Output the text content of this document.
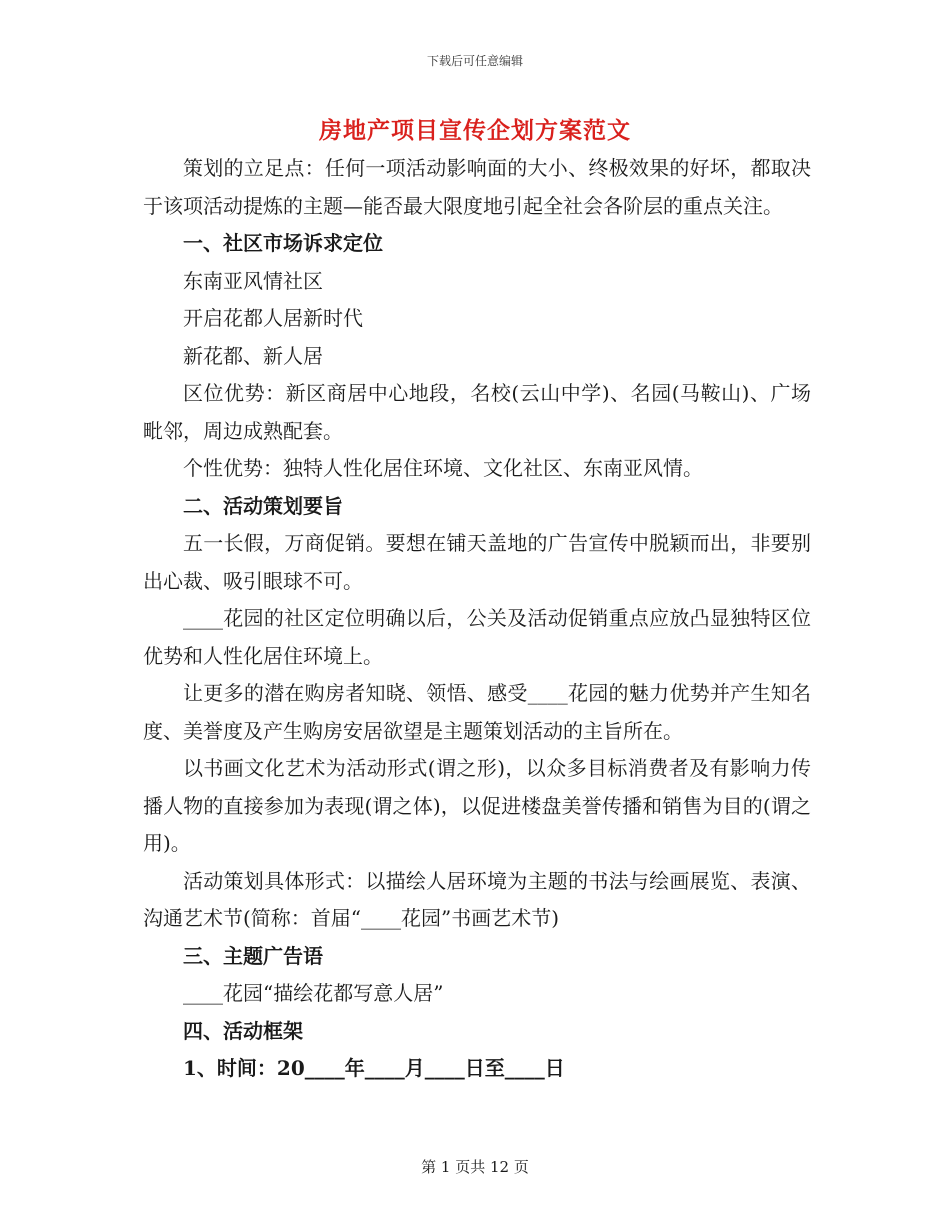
下载后可任意编辑
房地产项目宣传企划方案范文

策划的立足点：任何一项活动影响面的大小、终极效果的好坏，都取决于该项活动提炼的主题—能否最大限度地引起全社会各阶层的重点关注。

一、社区市场诉求定位

东南亚风情社区

开启花都人居新时代

新花都、新人居

区位优势：新区商居中心地段，名校(云山中学)、名园(马鞍山)、广场毗邻，周边成熟配套。

个性优势：独特人性化居住环境、文化社区、东南亚风情。

二、活动策划要旨

五一长假，万商促销。要想在铺天盖地的广告宣传中脱颖而出，非要别出心裁、吸引眼球不可。

____花园的社区定位明确以后，公关及活动促销重点应放凸显独特区位优势和人性化居住环境上。

让更多的潜在购房者知晓、领悟、感受____花园的魅力优势并产生知名度、美誉度及产生购房安居欲望是主题策划活动的主旨所在。

以书画文化艺术为活动形式(谓之形)，以众多目标消费者及有影响力传播人物的直接参加为表现(谓之体)，以促进楼盘美誉传播和销售为目的(谓之用)。

活动策划具体形式：以描绘人居环境为主题的书法与绘画展览、表演、沟通艺术节(简称：首届“____花园”书画艺术节)

三、主题广告语

____花园“描绘花都写意人居”

四、活动框架

1、时间：20____年____月____日至____日

第 1 页共 12 页
